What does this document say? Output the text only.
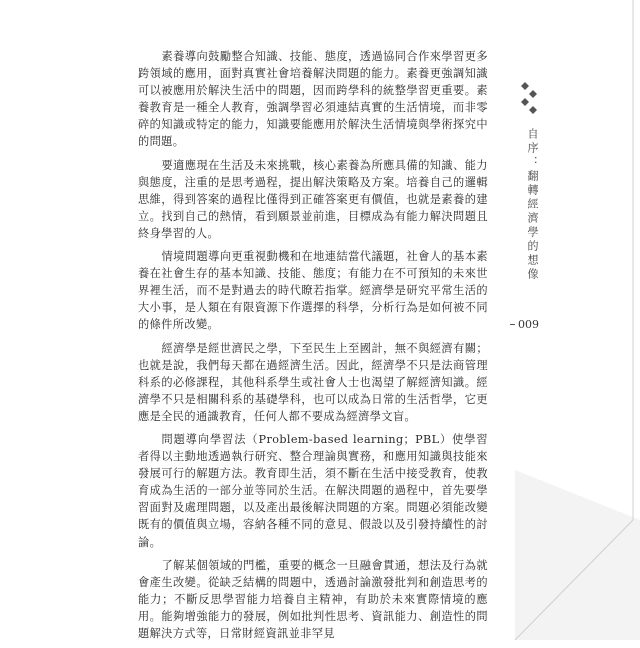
素養導向鼓勵整合知識、技能、態度，透過協同合作來學習更多跨領域的應用，面對真實社會培養解決問題的能力。素養更強調知識可以被應用於解決生活中的問題，因而跨學科的統整學習更重要。素養教育是一種全人教育，強調學習必須連結真實的生活情境，而非零碎的知識或特定的能力，知識要能應用於解決生活情境與學術探究中的問題。

要適應現在生活及未來挑戰，核心素養為所應具備的知識、能力與態度，注重的是思考過程，提出解決策略及方案。培養自己的邏輯思維，得到答案的過程比僅得到正確答案更有價值，也就是素養的建立。找到自己的熱情，看到願景並前進，目標成為有能力解決問題且終身學習的人。

情境問題導向更重視動機和在地連結當代議題，社會人的基本素養在社會生存的基本知識、技能、態度；有能力在不可預知的未來世界裡生活，而不是對過去的時代瞭若指掌。經濟學是研究平常生活的大小事，是人類在有限資源下作選擇的科學，分析行為是如何被不同的條件所改變。

經濟學是經世濟民之學，下至民生上至國計，無不與經濟有關；也就是說，我們每天都在過經濟生活。因此，經濟學不只是法商管理科系的必修課程，其他科系學生或社會人士也渴望了解經濟知識。經濟學不只是相關科系的基礎學科，也可以成為日常的生活哲學，它更應是全民的通識教育，任何人都不要成為經濟學文盲。

問題導向學習法（Problem-based learning；PBL）使學習者得以主動地透過執行研究、整合理論與實務，和應用知識與技能來發展可行的解題方法。教育即生活，須不斷在生活中接受教育，使教育成為生活的一部分並等同於生活。在解決問題的過程中，首先要學習面對及處理問題，以及產出最後解決問題的方案。問題必須能改變既有的價值與立場，容納各種不同的意見、假設以及引發持續性的討論。

了解某個領域的門檻，重要的概念一旦融會貫通，想法及行為就會產生改變。從缺乏結構的問題中，透過討論激發批判和創造思考的能力；不斷反思學習能力培養自主精神，有助於未來實際情境的應用。能夠增強能力的發展，例如批判性思考、資訊能力、創造性的問題解決方式等，日常財經資訊並非罕見

自序：翻轉經濟學的想像
009
